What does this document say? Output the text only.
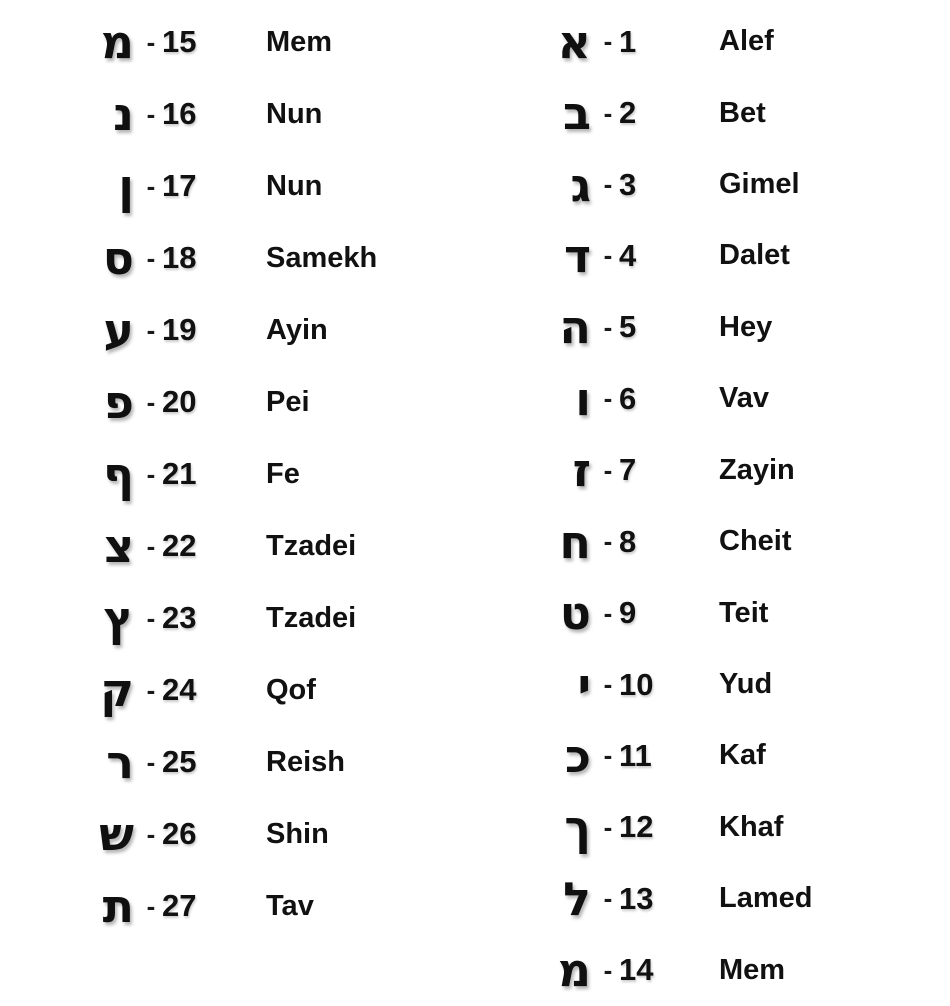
מ - 15	Mem
נ - 16	Nun
ן - 17	Nun
ס - 18	Samekh
ע - 19	Ayin
פ - 20	Pei
ף - 21	Fe
צ - 22	Tzadei
ץ - 23	Tzadei
ק - 24	Qof
ר - 25	Reish
ש - 26	Shin
ת - 27	Tav
א - 1	Alef
ב - 2	Bet
ג - 3	Gimel
ד - 4	Dalet
ה - 5	Hey
ו - 6	Vav
ז - 7	Zayin
ח - 8	Cheit
ט - 9	Teit
י - 10	Yud
כ - 11	Kaf
ך - 12	Khaf
ל - 13	Lamed
מ - 14	Mem
